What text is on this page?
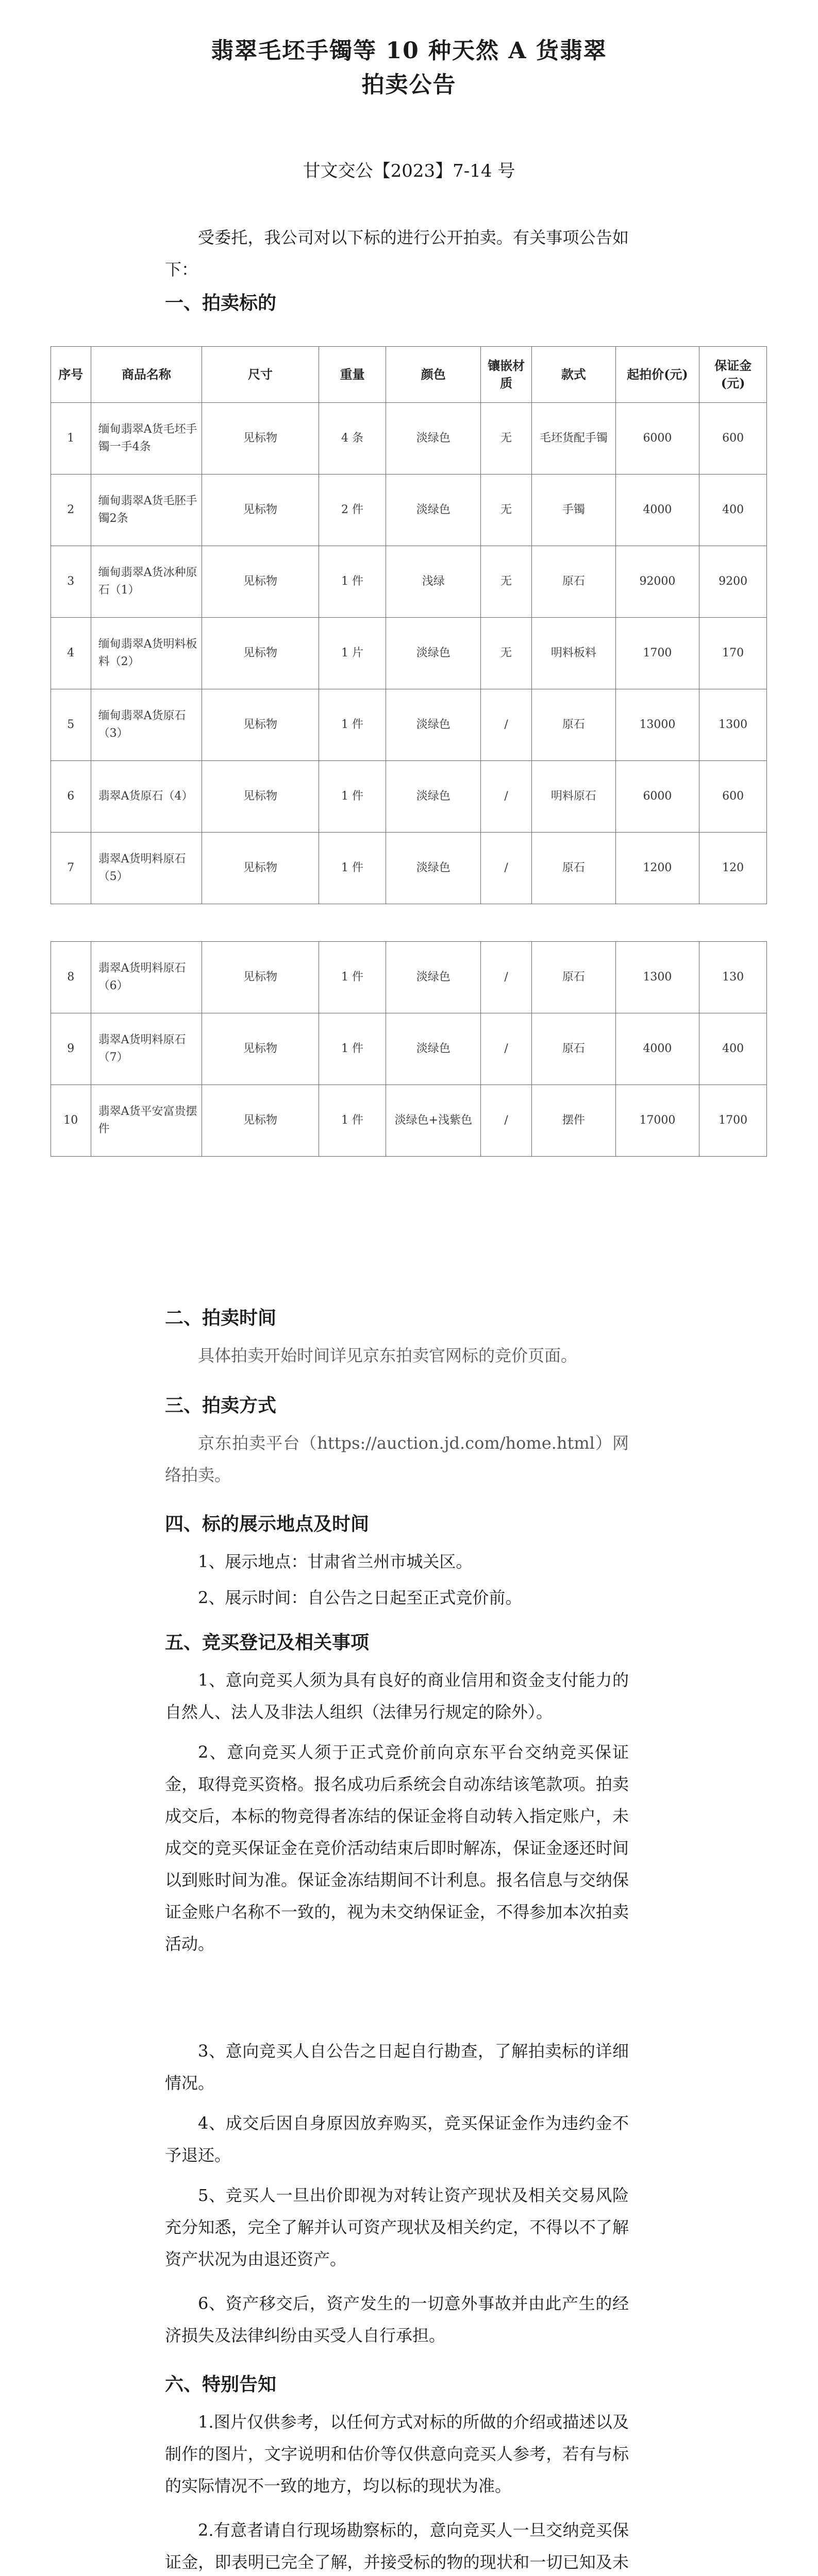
翡翠毛坯手镯等 10 种天然 A 货翡翠
拍卖公告
甘文交公【2023】7-14 号
受委托，我公司对以下标的进行公开拍卖。有关事项公告如下：
一、拍卖标的
序号	商品名称	尺寸	重量	颜色	镶嵌材质	款式	起拍价(元)	保证金(元)
1	缅甸翡翠A货毛坯手镯一手4条	见标物	4 条	淡绿色	无	毛坯货配手镯	6000	600
2	缅甸翡翠A货毛胚手镯2条	见标物	2 件	淡绿色	无	手镯	4000	400
3	缅甸翡翠A货冰种原石（1）	见标物	1 件	浅绿	无	原石	92000	9200
4	缅甸翡翠A货明料板料（2）	见标物	1 片	淡绿色	无	明料板料	1700	170
5	缅甸翡翠A货原石（3）	见标物	1 件	淡绿色	/	原石	13000	1300
6	翡翠A货原石（4）	见标物	1 件	淡绿色	/	明料原石	6000	600
7	翡翠A货明料原石（5）	见标物	1 件	淡绿色	/	原石	1200	120

8	翡翠A货明料原石（6）	见标物	1 件	淡绿色	/	原石	1300	130
9	翡翠A货明料原石（7）	见标物	1 件	淡绿色	/	原石	4000	400
10	翡翠A货平安富贵摆件	见标物	1 件	淡绿色+浅紫色	/	摆件	17000	1700
二、拍卖时间
具体拍卖开始时间详见京东拍卖官网标的竞价页面。
三、拍卖方式
京东拍卖平台（https://auction.jd.com/home.html）网络拍卖。
四、标的展示地点及时间
1、展示地点：甘肃省兰州市城关区。
2、展示时间：自公告之日起至正式竞价前。
五、竞买登记及相关事项
1、意向竞买人须为具有良好的商业信用和资金支付能力的自然人、法人及非法人组织（法律另行规定的除外）。
2、意向竞买人须于正式竞价前向京东平台交纳竞买保证金，取得竞买资格。报名成功后系统会自动冻结该笔款项。拍卖成交后，本标的物竞得者冻结的保证金将自动转入指定账户，未成交的竞买保证金在竞价活动结束后即时解冻，保证金逐还时间以到账时间为准。保证金冻结期间不计利息。报名信息与交纳保证金账户名称不一致的，视为未交纳保证金，不得参加本次拍卖活动。
3、意向竞买人自公告之日起自行勘查，了解拍卖标的详细情况。
4、成交后因自身原因放弃购买，竞买保证金作为违约金不予退还。
5、竞买人一旦出价即视为对转让资产现状及相关交易风险充分知悉，完全了解并认可资产现状及相关约定，不得以不了解资产状况为由退还资产。
6、资产移交后，资产发生的一切意外事故并由此产生的经济损失及法律纠纷由买受人自行承担。
六、特别告知
1.图片仅供参考，以任何方式对标的所做的介绍或描述以及制作的图片，文字说明和估价等仅供意向竞买人参考，若有与标的实际情况不一致的地方，均以标的现状为准。
2.有意者请自行现场勘察标的，意向竞买人一旦交纳竞买保证金，即表明已完全了解，并接受标的物的现状和一切已知及未
